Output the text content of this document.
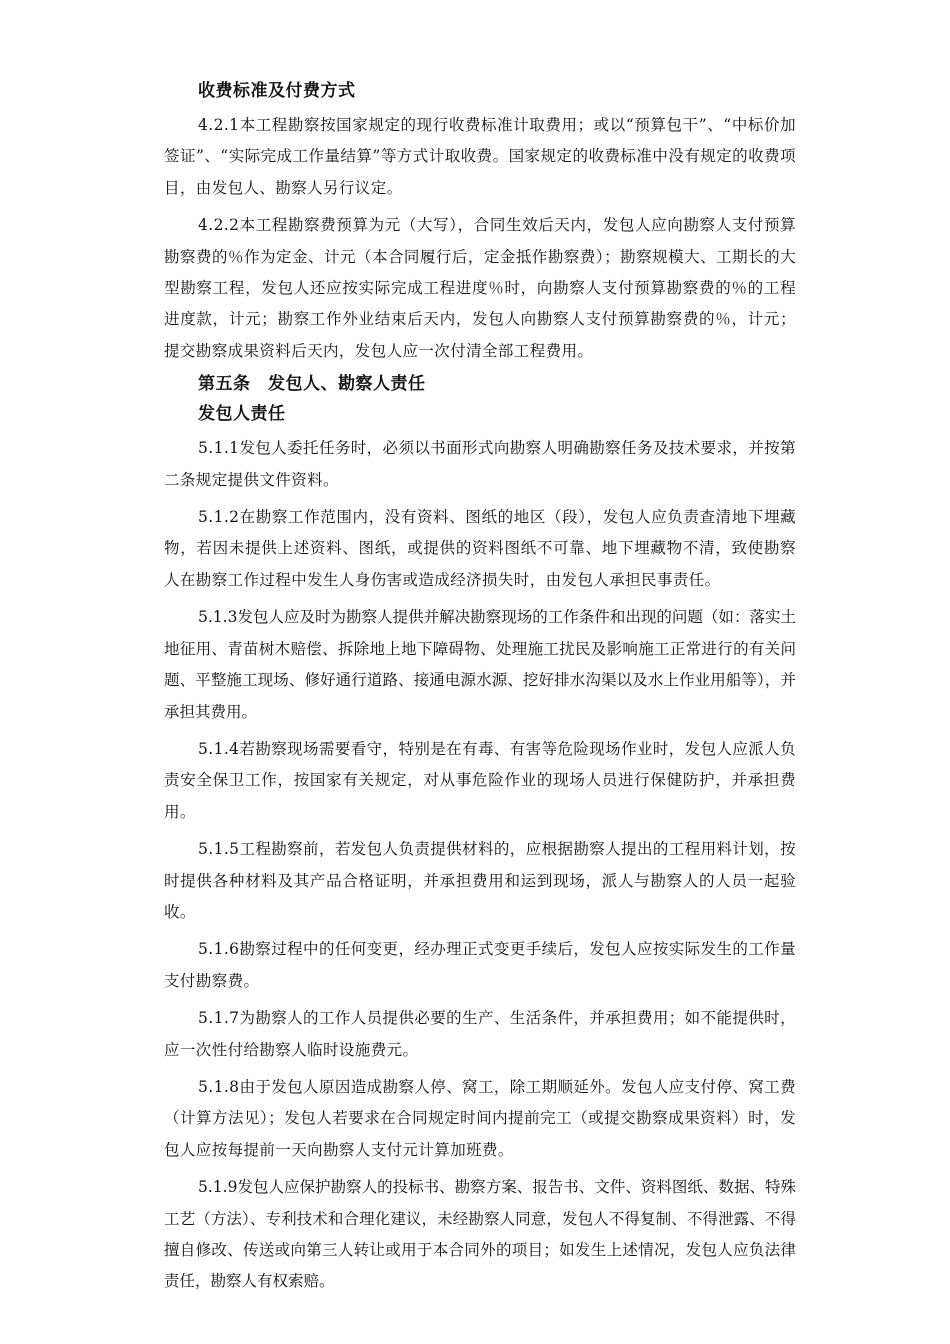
收费标准及付费方式

4.2.1本工程勘察按国家规定的现行收费标准计取费用；或以“预算包干”、“中标价加签证”、“实际完成工作量结算”等方式计取收费。国家规定的收费标准中没有规定的收费项目，由发包人、勘察人另行议定。

4.2.2本工程勘察费预算为元（大写），合同生效后天内，发包人应向勘察人支付预算勘察费的％作为定金、计元（本合同履行后，定金抵作勘察费）；勘察规模大、工期长的大型勘察工程，发包人还应按实际完成工程进度％时，向勘察人支付预算勘察费的％的工程进度款，计元；勘察工作外业结束后天内，发包人向勘察人支付预算勘察费的％，计元；提交勘察成果资料后天内，发包人应一次付清全部工程费用。

第五条　发包人、勘察人责任
发包人责任

5.1.1发包人委托任务时，必须以书面形式向勘察人明确勘察任务及技术要求，并按第二条规定提供文件资料。

5.1.2在勘察工作范围内，没有资料、图纸的地区（段），发包人应负责查清地下埋藏物，若因未提供上述资料、图纸，或提供的资料图纸不可靠、地下埋藏物不清，致使勘察人在勘察工作过程中发生人身伤害或造成经济损失时，由发包人承担民事责任。

5.1.3发包人应及时为勘察人提供并解决勘察现场的工作条件和出现的问题（如：落实土地征用、青苗树木赔偿、拆除地上地下障碍物、处理施工扰民及影响施工正常进行的有关问题、平整施工现场、修好通行道路、接通电源水源、挖好排水沟渠以及水上作业用船等），并承担其费用。

5.1.4若勘察现场需要看守，特别是在有毒、有害等危险现场作业时，发包人应派人负责安全保卫工作，按国家有关规定，对从事危险作业的现场人员进行保健防护，并承担费用。

5.1.5工程勘察前，若发包人负责提供材料的，应根据勘察人提出的工程用料计划，按时提供各种材料及其产品合格证明，并承担费用和运到现场，派人与勘察人的人员一起验收。

5.1.6勘察过程中的任何变更，经办理正式变更手续后，发包人应按实际发生的工作量支付勘察费。

5.1.7为勘察人的工作人员提供必要的生产、生活条件，并承担费用；如不能提供时，应一次性付给勘察人临时设施费元。

5.1.8由于发包人原因造成勘察人停、窝工，除工期顺延外。发包人应支付停、窝工费（计算方法见）；发包人若要求在合同规定时间内提前完工（或提交勘察成果资料）时，发包人应按每提前一天向勘察人支付元计算加班费。

5.1.9发包人应保护勘察人的投标书、勘察方案、报告书、文件、资料图纸、数据、特殊工艺（方法）、专利技术和合理化建议，未经勘察人同意，发包人不得复制、不得泄露、不得擅自修改、传送或向第三人转让或用于本合同外的项目；如发生上述情况，发包人应负法律责任，勘察人有权索赔。
